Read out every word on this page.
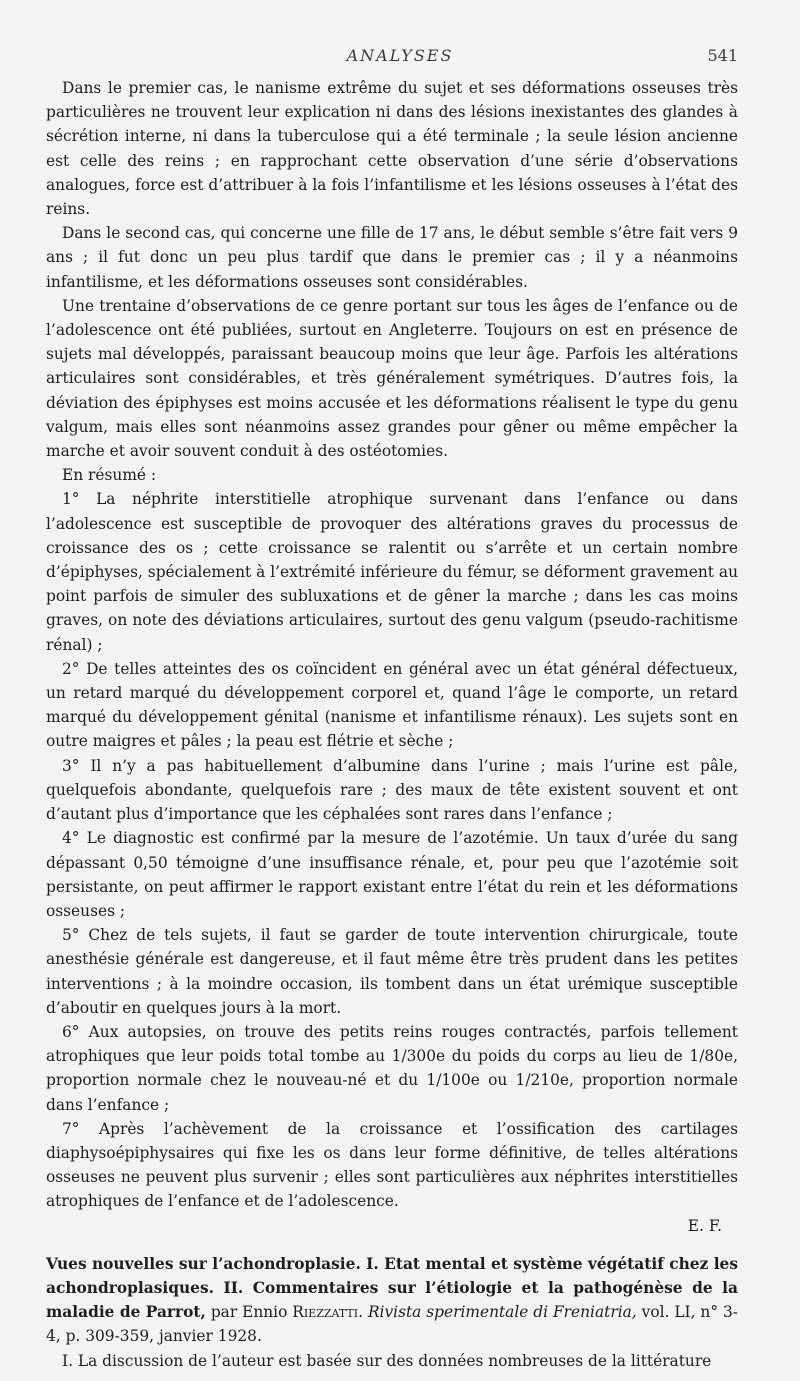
ANALYSES	541

Dans le premier cas, le nanisme extrême du sujet et ses déformations osseuses très particulières ne trouvent leur explication ni dans des lésions inexistantes des glandes à sécrétion interne, ni dans la tuberculose qui a été terminale ; la seule lésion ancienne est celle des reins ; en rapprochant cette observation d’une série d’observations analogues, force est d’attribuer à la fois l’infantilisme et les lésions osseuses à l’état des reins.

Dans le second cas, qui concerne une fille de 17 ans, le début semble s’être fait vers 9 ans ; il fut donc un peu plus tardif que dans le premier cas ; il y a néanmoins infantilisme, et les déformations osseuses sont considérables.

Une trentaine d’observations de ce genre portant sur tous les âges de l’enfance ou de l’adolescence ont été publiées, surtout en Angleterre. Toujours on est en présence de sujets mal développés, paraissant beaucoup moins que leur âge. Parfois les altérations articulaires sont considérables, et très généralement symétriques. D’autres fois, la déviation des épiphyses est moins accusée et les déformations réalisent le type du genu valgum, mais elles sont néanmoins assez grandes pour gêner ou même empêcher la marche et avoir souvent conduit à des ostéotomies.

En résumé :

1° La néphrite interstitielle atrophique survenant dans l’enfance ou dans l’adolescence est susceptible de provoquer des altérations graves du processus de croissance des os ; cette croissance se ralentit ou s’arrête et un certain nombre d’épiphyses, spécialement à l’extrémité inférieure du fémur, se déforment gravement au point parfois de simuler des subluxations et de gêner la marche ; dans les cas moins graves, on note des déviations articulaires, surtout des genu valgum (pseudo-rachitisme rénal) ;

2° De telles atteintes des os coïncident en général avec un état général défectueux, un retard marqué du développement corporel et, quand l’âge le comporte, un retard marqué du développement génital (nanisme et infantilisme rénaux). Les sujets sont en outre maigres et pâles ; la peau est flétrie et sèche ;

3° Il n’y a pas habituellement d’albumine dans l’urine ; mais l’urine est pâle, quelquefois abondante, quelquefois rare ; des maux de tête existent souvent et ont d’autant plus d’importance que les céphalées sont rares dans l’enfance ;

4° Le diagnostic est confirmé par la mesure de l’azotémie. Un taux d’urée du sang dépassant 0,50 témoigne d’une insuffisance rénale, et, pour peu que l’azotémie soit persistante, on peut affirmer le rapport existant entre l’état du rein et les déformations osseuses ;

5° Chez de tels sujets, il faut se garder de toute intervention chirurgicale, toute anesthésie générale est dangereuse, et il faut même être très prudent dans les petites interventions ; à la moindre occasion, ils tombent dans un état urémique susceptible d’aboutir en quelques jours à la mort.

6° Aux autopsies, on trouve des petits reins rouges contractés, parfois tellement atrophiques que leur poids total tombe au 1/300e du poids du corps au lieu de 1/80e, proportion normale chez le nouveau-né et du 1/100e ou 1/210e, proportion normale dans l’enfance ;

7° Après l’achèvement de la croissance et l’ossification des cartilages diaphysoépiphysaires qui fixe les os dans leur forme définitive, de telles altérations osseuses ne peuvent plus survenir ; elles sont particulières aux néphrites interstitielles atrophiques de l’enfance et de l’adolescence.

E. F.

Vues nouvelles sur l’achondroplasie. I. Etat mental et système végétatif chez les achondroplasiques. II. Commentaires sur l’étiologie et la pathogénèse de la maladie de Parrot, par Ennio Riezzatti. Rivista sperimentale di Freniatria, vol. LI, n° 3-4, p. 309-359, janvier 1928.

I. La discussion de l’auteur est basée sur des données nombreuses de la littérature
